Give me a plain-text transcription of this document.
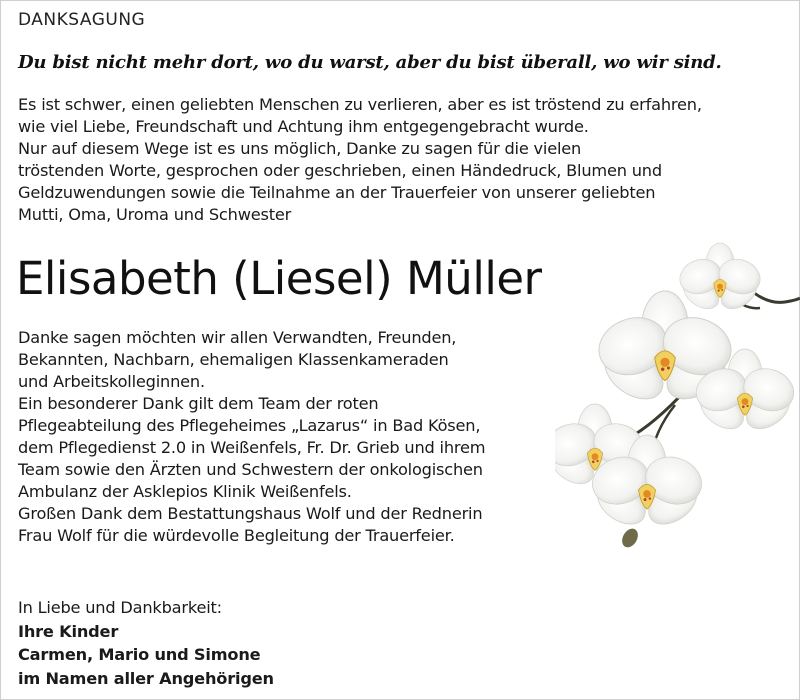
DANKSAGUNG
Du bist nicht mehr dort, wo du warst, aber du bist überall, wo wir sind.
Es ist schwer, einen geliebten Menschen zu verlieren, aber es ist tröstend zu erfahren,
wie viel Liebe, Freundschaft und Achtung ihm entgegengebracht wurde.
Nur auf diesem Wege ist es uns möglich, Danke zu sagen für die vielen
tröstenden Worte, gesprochen oder geschrieben, einen Händedruck, Blumen und
Geldzuwendungen sowie die Teilnahme an der Trauerfeier von unserer geliebten
Mutti, Oma, Uroma und Schwester
Elisabeth (Liesel) Müller
Danke sagen möchten wir allen Verwandten, Freunden,
Bekannten, Nachbarn, ehemaligen Klassenkameraden
und Arbeitskolleginnen.
Ein besonderer Dank gilt dem Team der roten
Pflegeabteilung des Pflegeheimes „Lazarus“ in Bad Kösen,
dem Pflegedienst 2.0 in Weißenfels, Fr. Dr. Grieb und ihrem
Team sowie den Ärzten und Schwestern der onkologischen
Ambulanz der Asklepios Klinik Weißenfels.
Großen Dank dem Bestattungshaus Wolf und der Rednerin
Frau Wolf für die würdevolle Begleitung der Trauerfeier.
In Liebe und Dankbarkeit:
Ihre Kinder
Carmen, Mario und Simone
im Namen aller Angehörigen
